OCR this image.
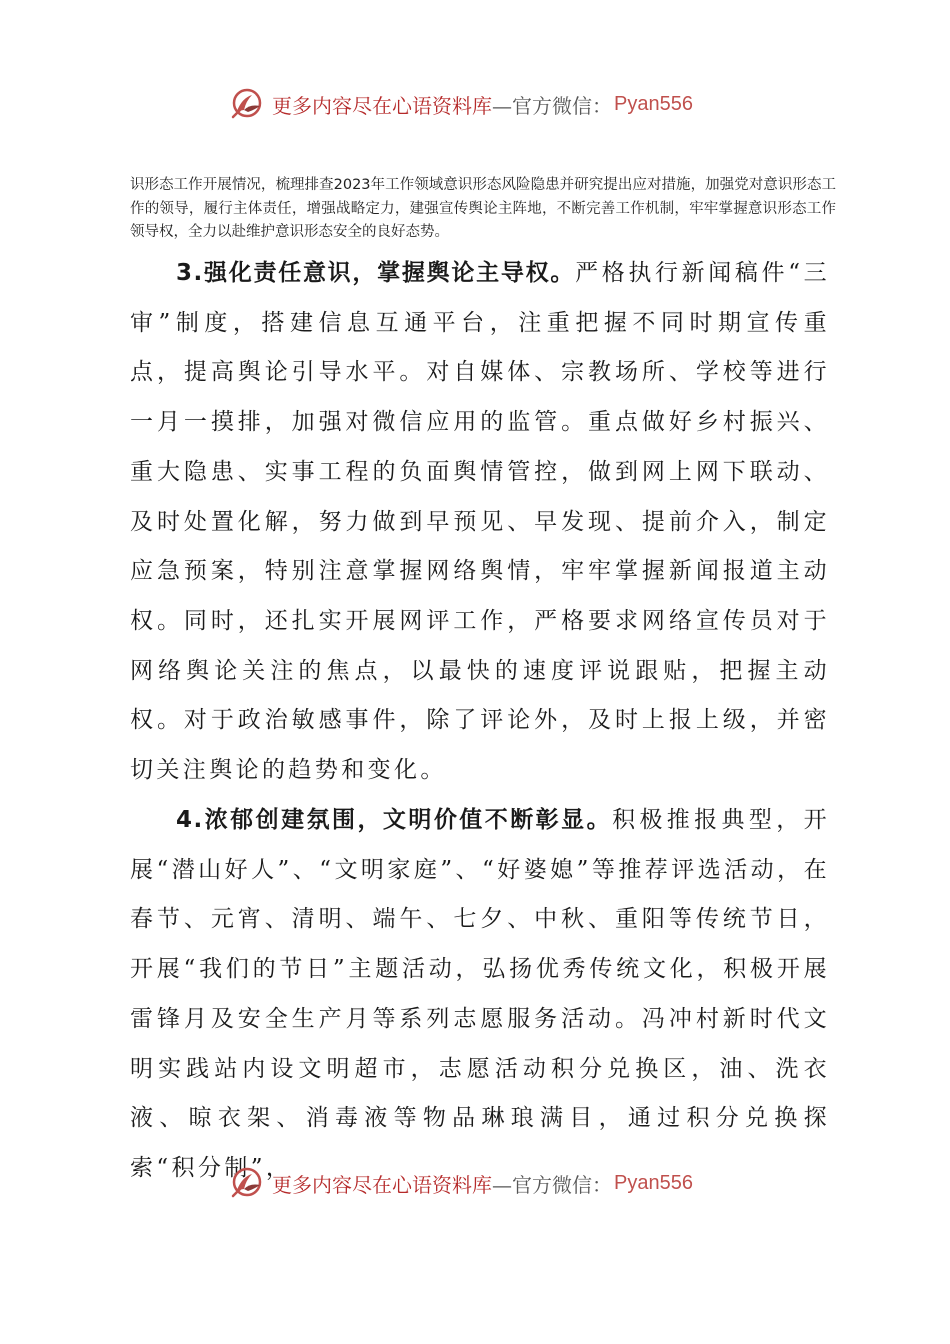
更多内容尽在心语资料库 —官方微信： Pyan556

识形态工作开展情况，梳理排查2023年工作领域意识形态风险隐患并研究提出应对措施，加强党对意识形态工作的领导，履行主体责任，增强战略定力，建强宣传舆论主阵地，不断完善工作机制，牢牢掌握意识形态工作领导权，全力以赴维护意识形态安全的良好态势。

3.强化责任意识，掌握舆论主导权。严格执行新闻稿件“三审”制度，搭建信息互通平台，注重把握不同时期宣传重点，提高舆论引导水平。对自媒体、宗教场所、学校等进行一月一摸排，加强对微信应用的监管。重点做好乡村振兴、重大隐患、实事工程的负面舆情管控，做到网上网下联动、及时处置化解，努力做到早预见、早发现、提前介入，制定应急预案，特别注意掌握网络舆情，牢牢掌握新闻报道主动权。同时，还扎实开展网评工作，严格要求网络宣传员对于网络舆论关注的焦点，以最快的速度评说跟贴，把握主动权。对于政治敏感事件，除了评论外，及时上报上级，并密切关注舆论的趋势和变化。

4.浓郁创建氛围，文明价值不断彰显。积极推报典型，开展“潜山好人”、“文明家庭”、“好婆媳”等推荐评选活动，在春节、元宵、清明、端午、七夕、中秋、重阳等传统节日，开展“我们的节日”主题活动，弘扬优秀传统文化，积极开展雷锋月及安全生产月等系列志愿服务活动。冯冲村新时代文明实践站内设文明超市，志愿活动积分兑换区，油、洗衣液、晾衣架、消毒液等物品琳琅满目，通过积分兑换探索“积分制”，

更多内容尽在心语资料库 —官方微信： Pyan556
